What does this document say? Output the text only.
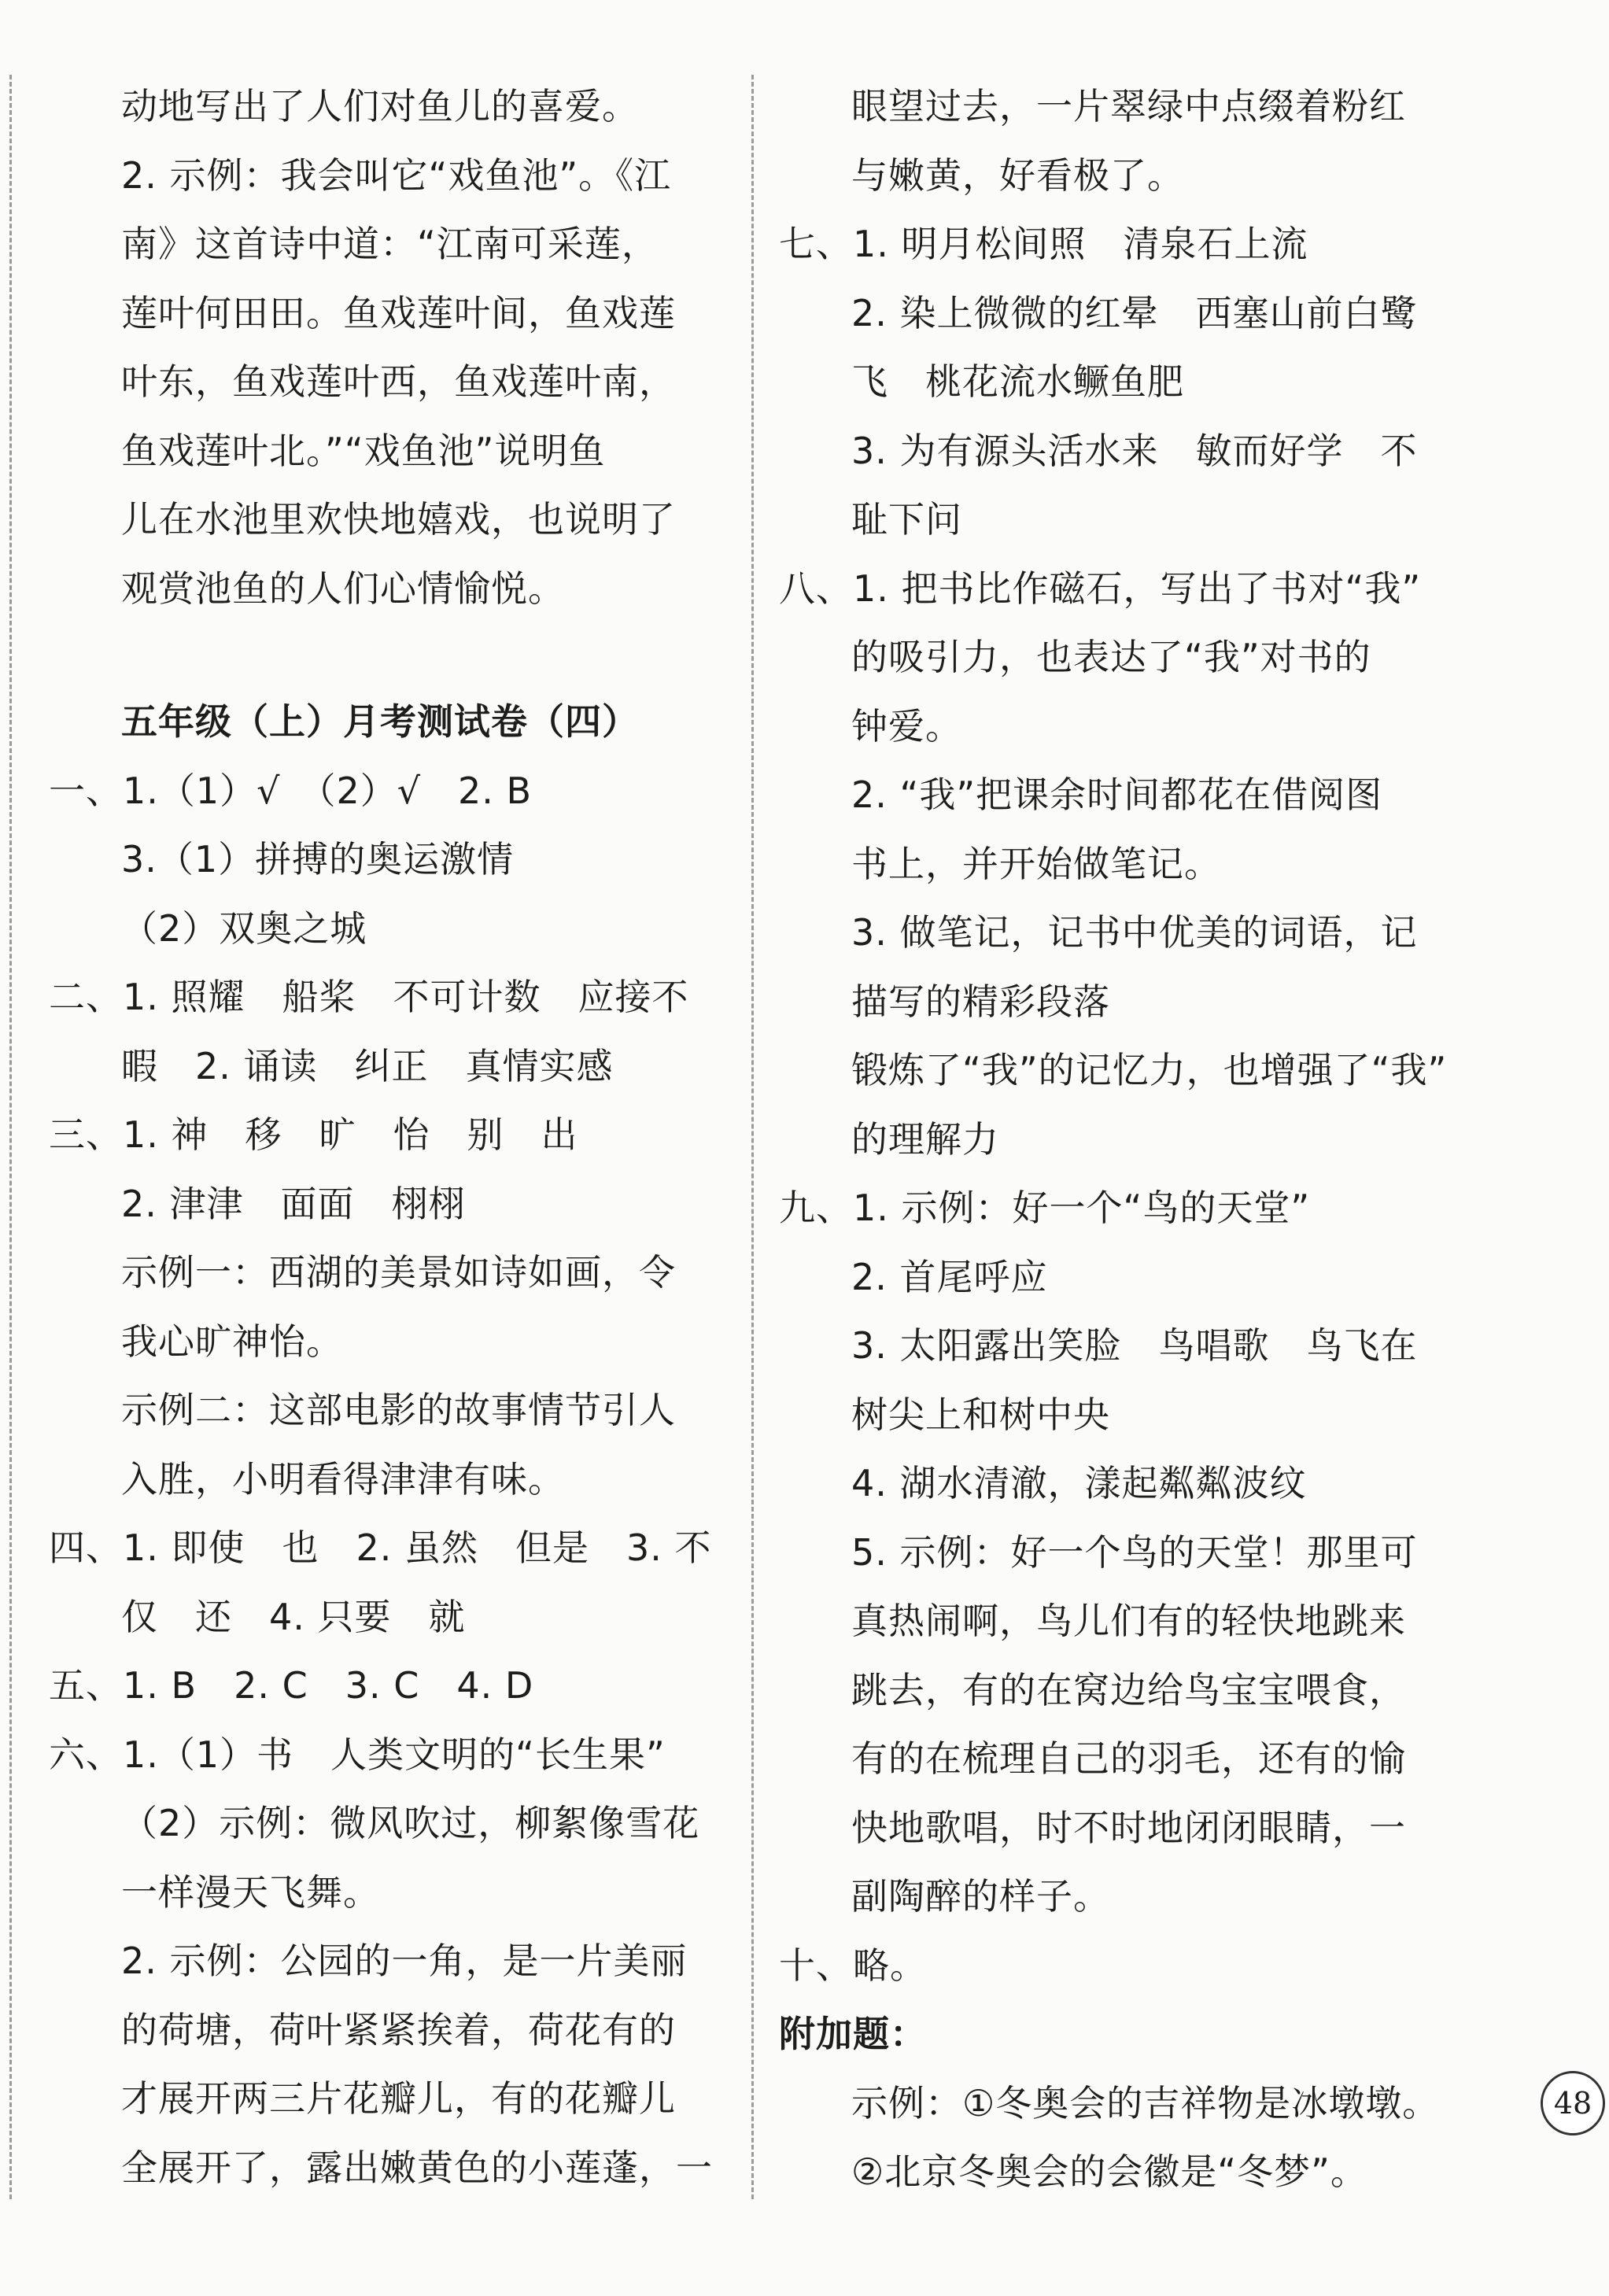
动地写出了人们对鱼儿的喜爱。
2. 示例：我会叫它“戏鱼池”。《江
南》这首诗中道：“江南可采莲，
莲叶何田田。鱼戏莲叶间，鱼戏莲
叶东，鱼戏莲叶西，鱼戏莲叶南，
鱼戏莲叶北。”“戏鱼池”说明鱼
儿在水池里欢快地嬉戏，也说明了
观赏池鱼的人们心情愉悦。
五年级（上）月考测试卷（四）
一、1.（1）√　（2）√　2. B
3.（1）拼搏的奥运激情
（2）双奥之城
二、1. 照耀　船桨　不可计数　应接不
暇　2. 诵读　纠正　真情实感
三、1. 神　移　旷　怡　别　出
2. 津津　面面　栩栩
示例一：西湖的美景如诗如画，令
我心旷神怡。
示例二：这部电影的故事情节引人
入胜，小明看得津津有味。
四、1. 即使　也　2. 虽然　但是　3. 不
仅　还　4. 只要　就
五、1. B　2. C　3. C　4. D
六、1.（1）书　人类文明的“长生果”
（2）示例：微风吹过，柳絮像雪花
一样漫天飞舞。
2. 示例：公园的一角，是一片美丽
的荷塘，荷叶紧紧挨着，荷花有的
才展开两三片花瓣儿，有的花瓣儿
全展开了，露出嫩黄色的小莲蓬，一
眼望过去，一片翠绿中点缀着粉红
与嫩黄，好看极了。
七、1. 明月松间照　清泉石上流
2. 染上微微的红晕　西塞山前白鹭
飞　桃花流水鳜鱼肥
3. 为有源头活水来　敏而好学　不
耻下问
八、1. 把书比作磁石，写出了书对“我”
的吸引力，也表达了“我”对书的
钟爱。
2. “我”把课余时间都花在借阅图
书上，并开始做笔记。
3. 做笔记，记书中优美的词语，记
描写的精彩段落
锻炼了“我”的记忆力，也增强了“我”
的理解力
九、1. 示例：好一个“鸟的天堂”
2. 首尾呼应
3. 太阳露出笑脸　鸟唱歌　鸟飞在
树尖上和树中央
4. 湖水清澈，漾起粼粼波纹
5. 示例：好一个鸟的天堂！那里可
真热闹啊，鸟儿们有的轻快地跳来
跳去，有的在窝边给鸟宝宝喂食，
有的在梳理自己的羽毛，还有的愉
快地歌唱，时不时地闭闭眼睛，一
副陶醉的样子。
十、略。
附加题：
示例：①冬奥会的吉祥物是冰墩墩。
②北京冬奥会的会徽是“冬梦”。
48
